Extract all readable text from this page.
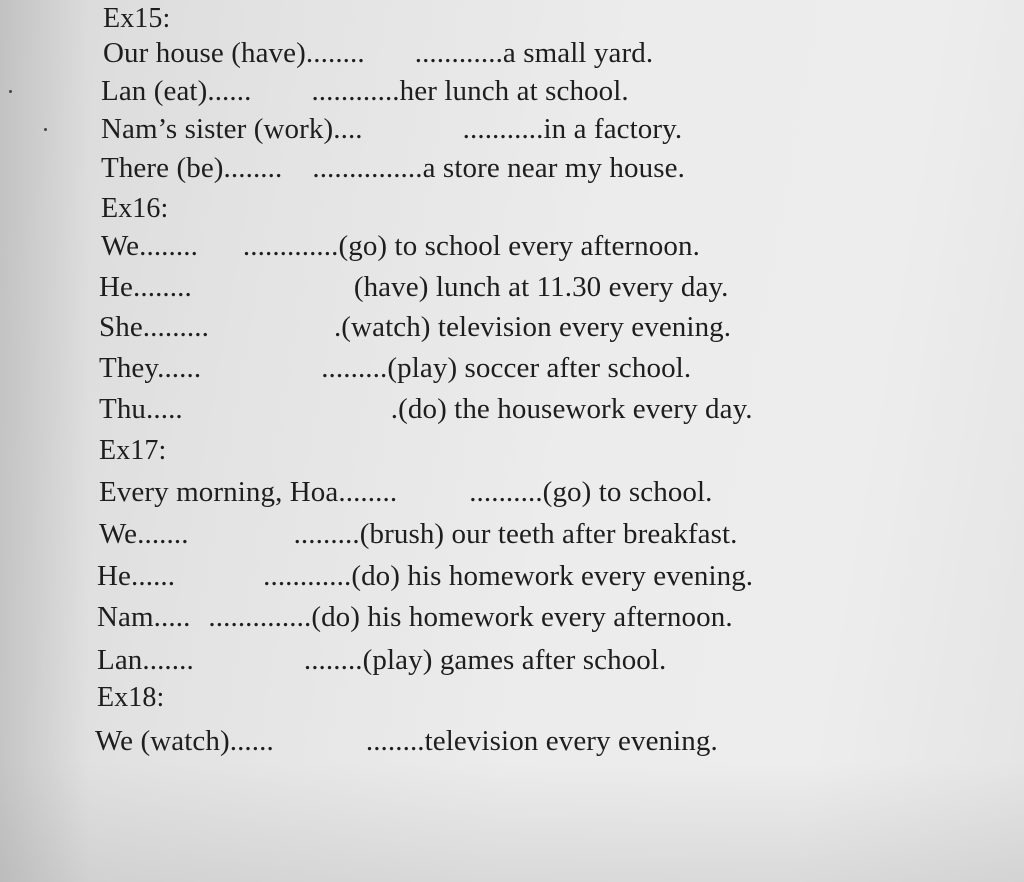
Ex15:
Our house (have)........ ............a small yard.
Lan (eat)...... ............her lunch at school.
Nam’s sister (work)....	...........in a factory.
There (be)........ ...............a store near my house.
Ex16:
We........ .............(go) to school every afternoon.
He........	(have) lunch at 11.30 every day.
She.........	.(watch) television every evening.
They......	.........(play) soccer after school.
Thu.....	.(do) the housework every day.
Ex17:
Every morning, Hoa........ ..........(go) to school.
We.......	.........(brush) our teeth after breakfast.
He......	............(do) his homework every evening.
Nam..... ..............(do) his homework every afternoon.
Lan.......	........(play) games after school.
Ex18:
We (watch)......	........television every evening.
